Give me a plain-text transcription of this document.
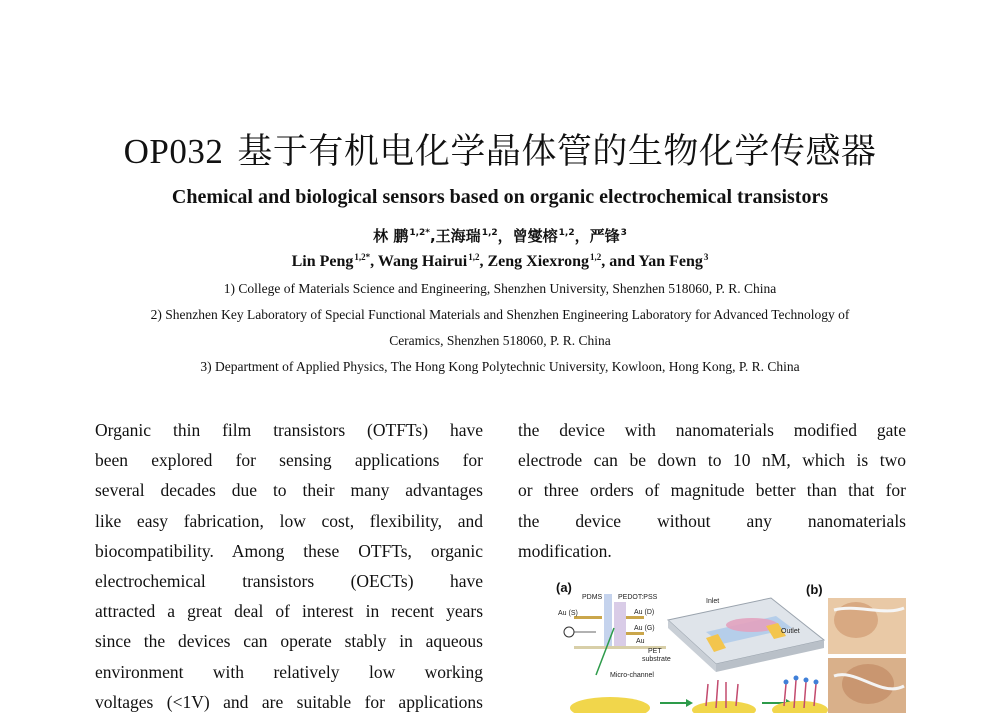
OP032 基于有机电化学晶体管的生物化学传感器
Chemical and biological sensors based on organic electrochemical transistors
林 鹏$^{1,2*}$,王海瑞$^{1,2}$，曾燮榕$^{1,2}$，严锋$^3$
Lin Peng$^{1,2*}$, Wang Hairui$^{1,2}$, Zeng Xiexrong$^{1,2}$, and Yan Feng$^3$
1) College of Materials Science and Engineering, Shenzhen University, Shenzhen 518060, P. R. China
2) Shenzhen Key Laboratory of Special Functional Materials and Shenzhen Engineering Laboratory for Advanced Technology of
Ceramics, Shenzhen 518060, P. R. China
3) Department of Applied Physics, The Hong Kong Polytechnic University, Kowloon, Hong Kong, P. R. China
Organic thin film transistors (OTFTs) have
been explored for sensing applications for
several decades due to their many advantages
like easy fabrication, low cost, flexibility, and
biocompatibility. Among these OTFTs, organic
electrochemical transistors (OECTs) have
attracted a great deal of interest in recent years
since the devices can operate stably in aqueous
environment with relatively low working
voltages (<1V) and are suitable for applications
the device with nanomaterials modified gate
electrode can be down to 10 nM, which is two
or three orders of magnitude better than that for
the device without any nanomaterials
modification.
(a)	(b)
PDMS PEDOT:PSS
Au (S)	Au (D)
Au (G)
Au
PET
substrate
Inlet
Outlet
Micro-channel
